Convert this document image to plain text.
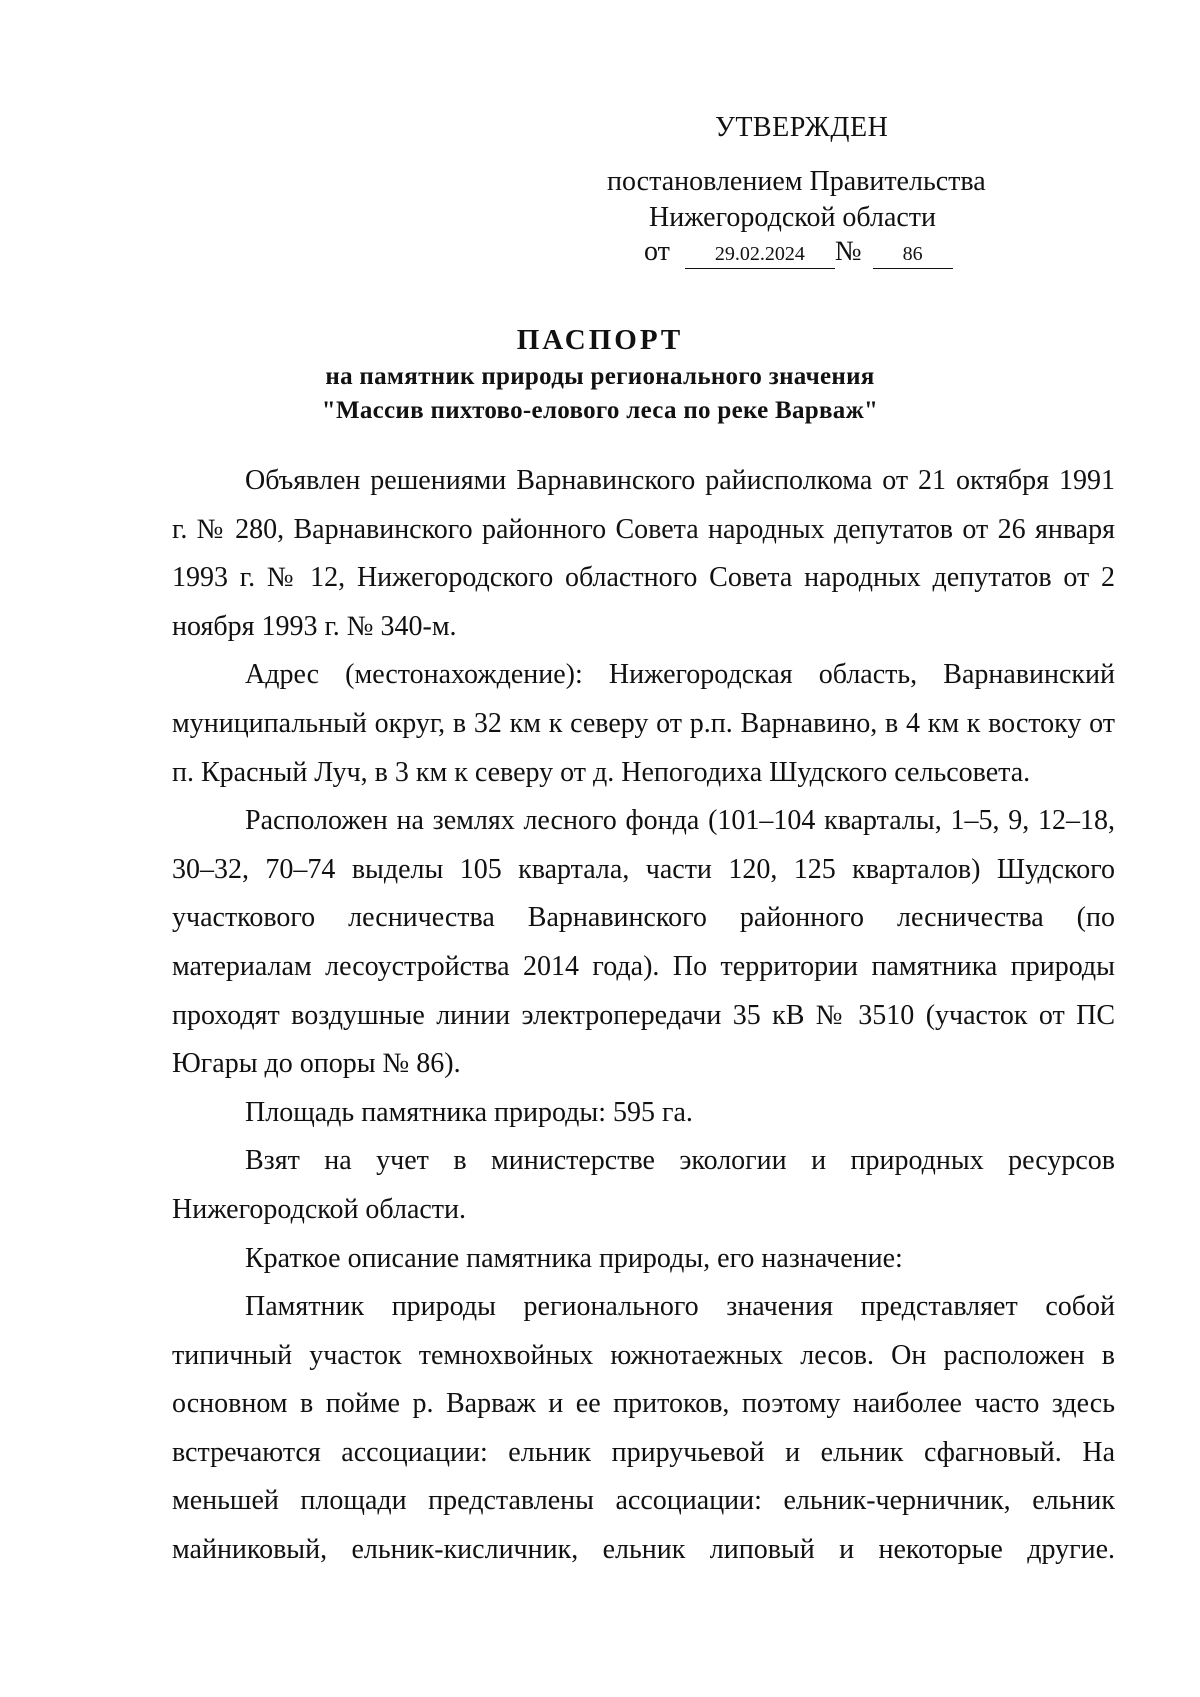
УТВЕРЖДЕН
постановлением Правительства
Нижегородской области
от 29.02.2024 № 86
ПАСПОРТ
на памятник природы регионального значения
"Массив пихтово-елового леса по реке Варваж"

Объявлен решениями Варнавинского райисполкома от 21 октября 1991 г. № 280, Варнавинского районного Совета народных депутатов от 26 января 1993 г. № 12, Нижегородского областного Совета народных депутатов от 2 ноября 1993 г. № 340-м.

Адрес (местонахождение): Нижегородская область, Варнавинский муниципальный округ, в 32 км к северу от р.п. Варнавино, в 4 км к востоку от п. Красный Луч, в 3 км к северу от д. Непогодиха Шудского сельсовета.

Расположен на землях лесного фонда (101–104 кварталы, 1–5, 9, 12–18, 30–32, 70–74 выделы 105 квартала, части 120, 125 кварталов) Шудского участкового лесничества Варнавинского районного лесничества (по материалам лесоустройства 2014 года). По территории памятника природы проходят воздушные линии электропередачи 35 кВ № 3510 (участок от ПС Югары до опоры № 86).

Площадь памятника природы: 595 га.

Взят на учет в министерстве экологии и природных ресурсов Нижегородской области.

Краткое описание памятника природы, его назначение:

Памятник природы регионального значения представляет собой типичный участок темнохвойных южнотаежных лесов. Он расположен в основном в пойме р. Варваж и ее притоков, поэтому наиболее часто здесь встречаются ассоциации: ельник приручьевой и ельник сфагновый. На меньшей площади представлены ассоциации: ельник-черничник, ельник майниковый, ельник-кисличник, ельник липовый и некоторые другие.
